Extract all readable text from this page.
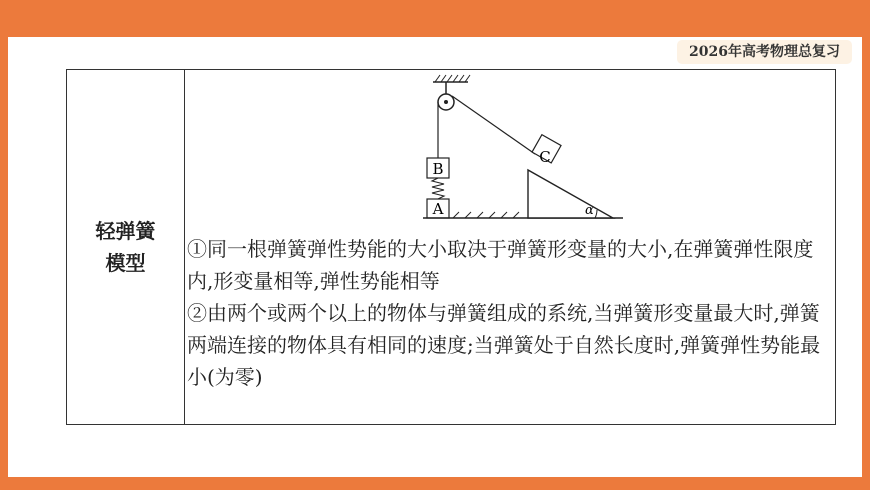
2026年高考物理总复习
轻弹簧
模型

B
A
C
α

①同一根弹簧弹性势能的大小取决于弹簧形变量的大小,在弹簧弹性限度内,形变量相等,弹性势能相等

②由两个或两个以上的物体与弹簧组成的系统,当弹簧形变量最大时,弹簧两端连接的物体具有相同的速度;当弹簧处于自然长度时,弹簧弹性势能最小(为零)
